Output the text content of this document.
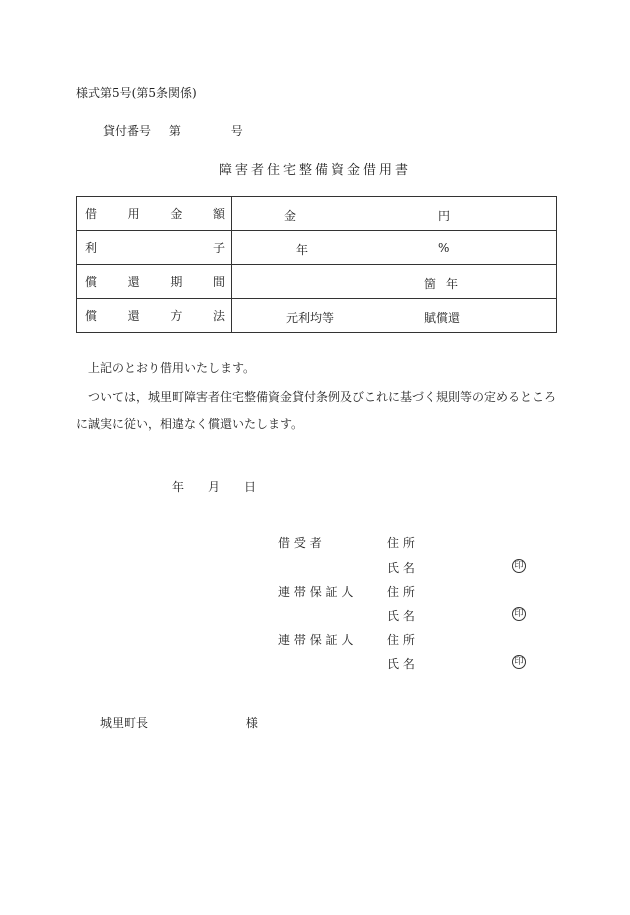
様式第5号(第5条関係)
貸付番号 第	号
障害者住宅整備資金借用書
借 用 金 額	金 円

利 子	年 %

償 還 期 間	箇 年

償 還 方 法	元利均等 賦償還
上記のとおり借用いたします。
ついては，城里町障害者住宅整備資金貸付条例及びこれに基づく規則等の定めるところ
に誠実に従い，相違なく償還いたします。
年 月 日
借 受 者	住 所
氏 名	印
連 帯 保 証 人	住 所
氏 名	印
連 帯 保 証 人	住 所
氏 名	印
城里町長	様
